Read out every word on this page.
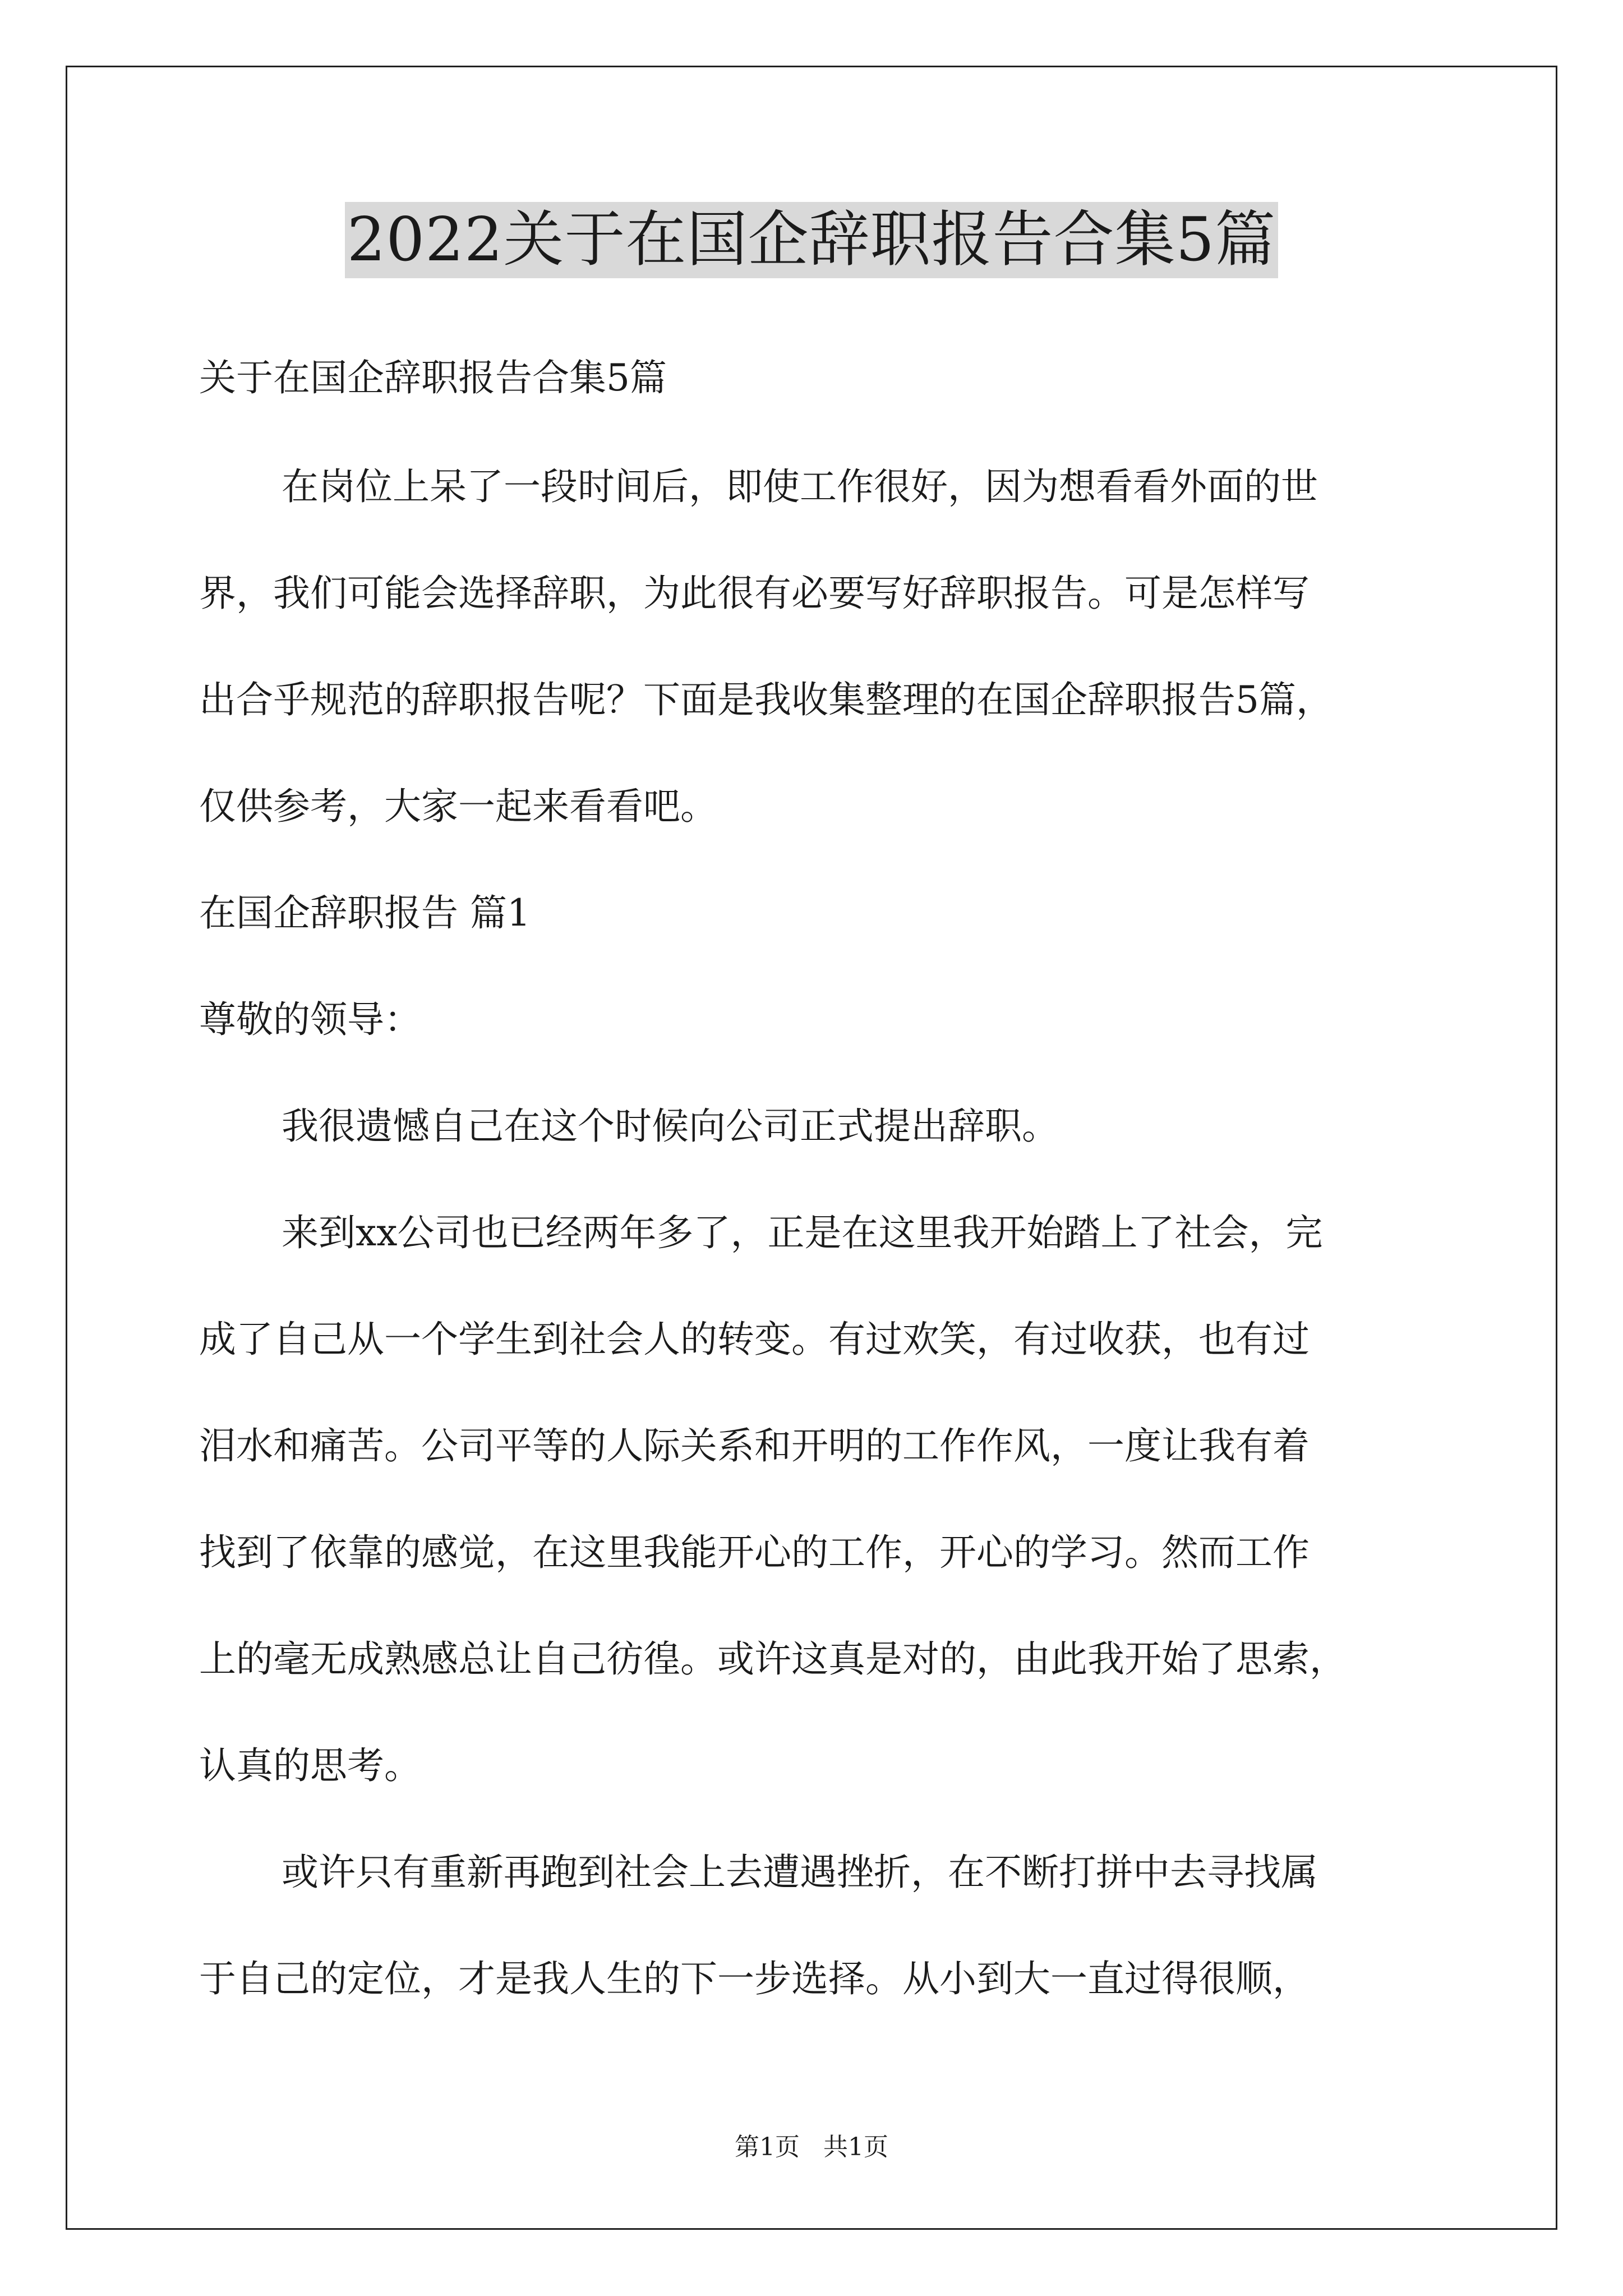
2022关于在国企辞职报告合集5篇
关于在国企辞职报告合集5篇
在岗位上呆了一段时间后，即使工作很好，因为想看看外面的世
界，我们可能会选择辞职，为此很有必要写好辞职报告。可是怎样写
出合乎规范的辞职报告呢？下面是我收集整理的在国企辞职报告5篇，
仅供参考，大家一起来看看吧。
在国企辞职报告 篇1
尊敬的领导：
我很遗憾自己在这个时候向公司正式提出辞职。
来到xx公司也已经两年多了，正是在这里我开始踏上了社会，完
成了自己从一个学生到社会人的转变。有过欢笑，有过收获，也有过
泪水和痛苦。公司平等的人际关系和开明的工作作风，一度让我有着
找到了依靠的感觉，在这里我能开心的工作，开心的学习。然而工作
上的毫无成熟感总让自己彷徨。或许这真是对的，由此我开始了思索，
认真的思考。
或许只有重新再跑到社会上去遭遇挫折，在不断打拼中去寻找属
于自己的定位，才是我人生的下一步选择。从小到大一直过得很顺，
第1页   共1页
